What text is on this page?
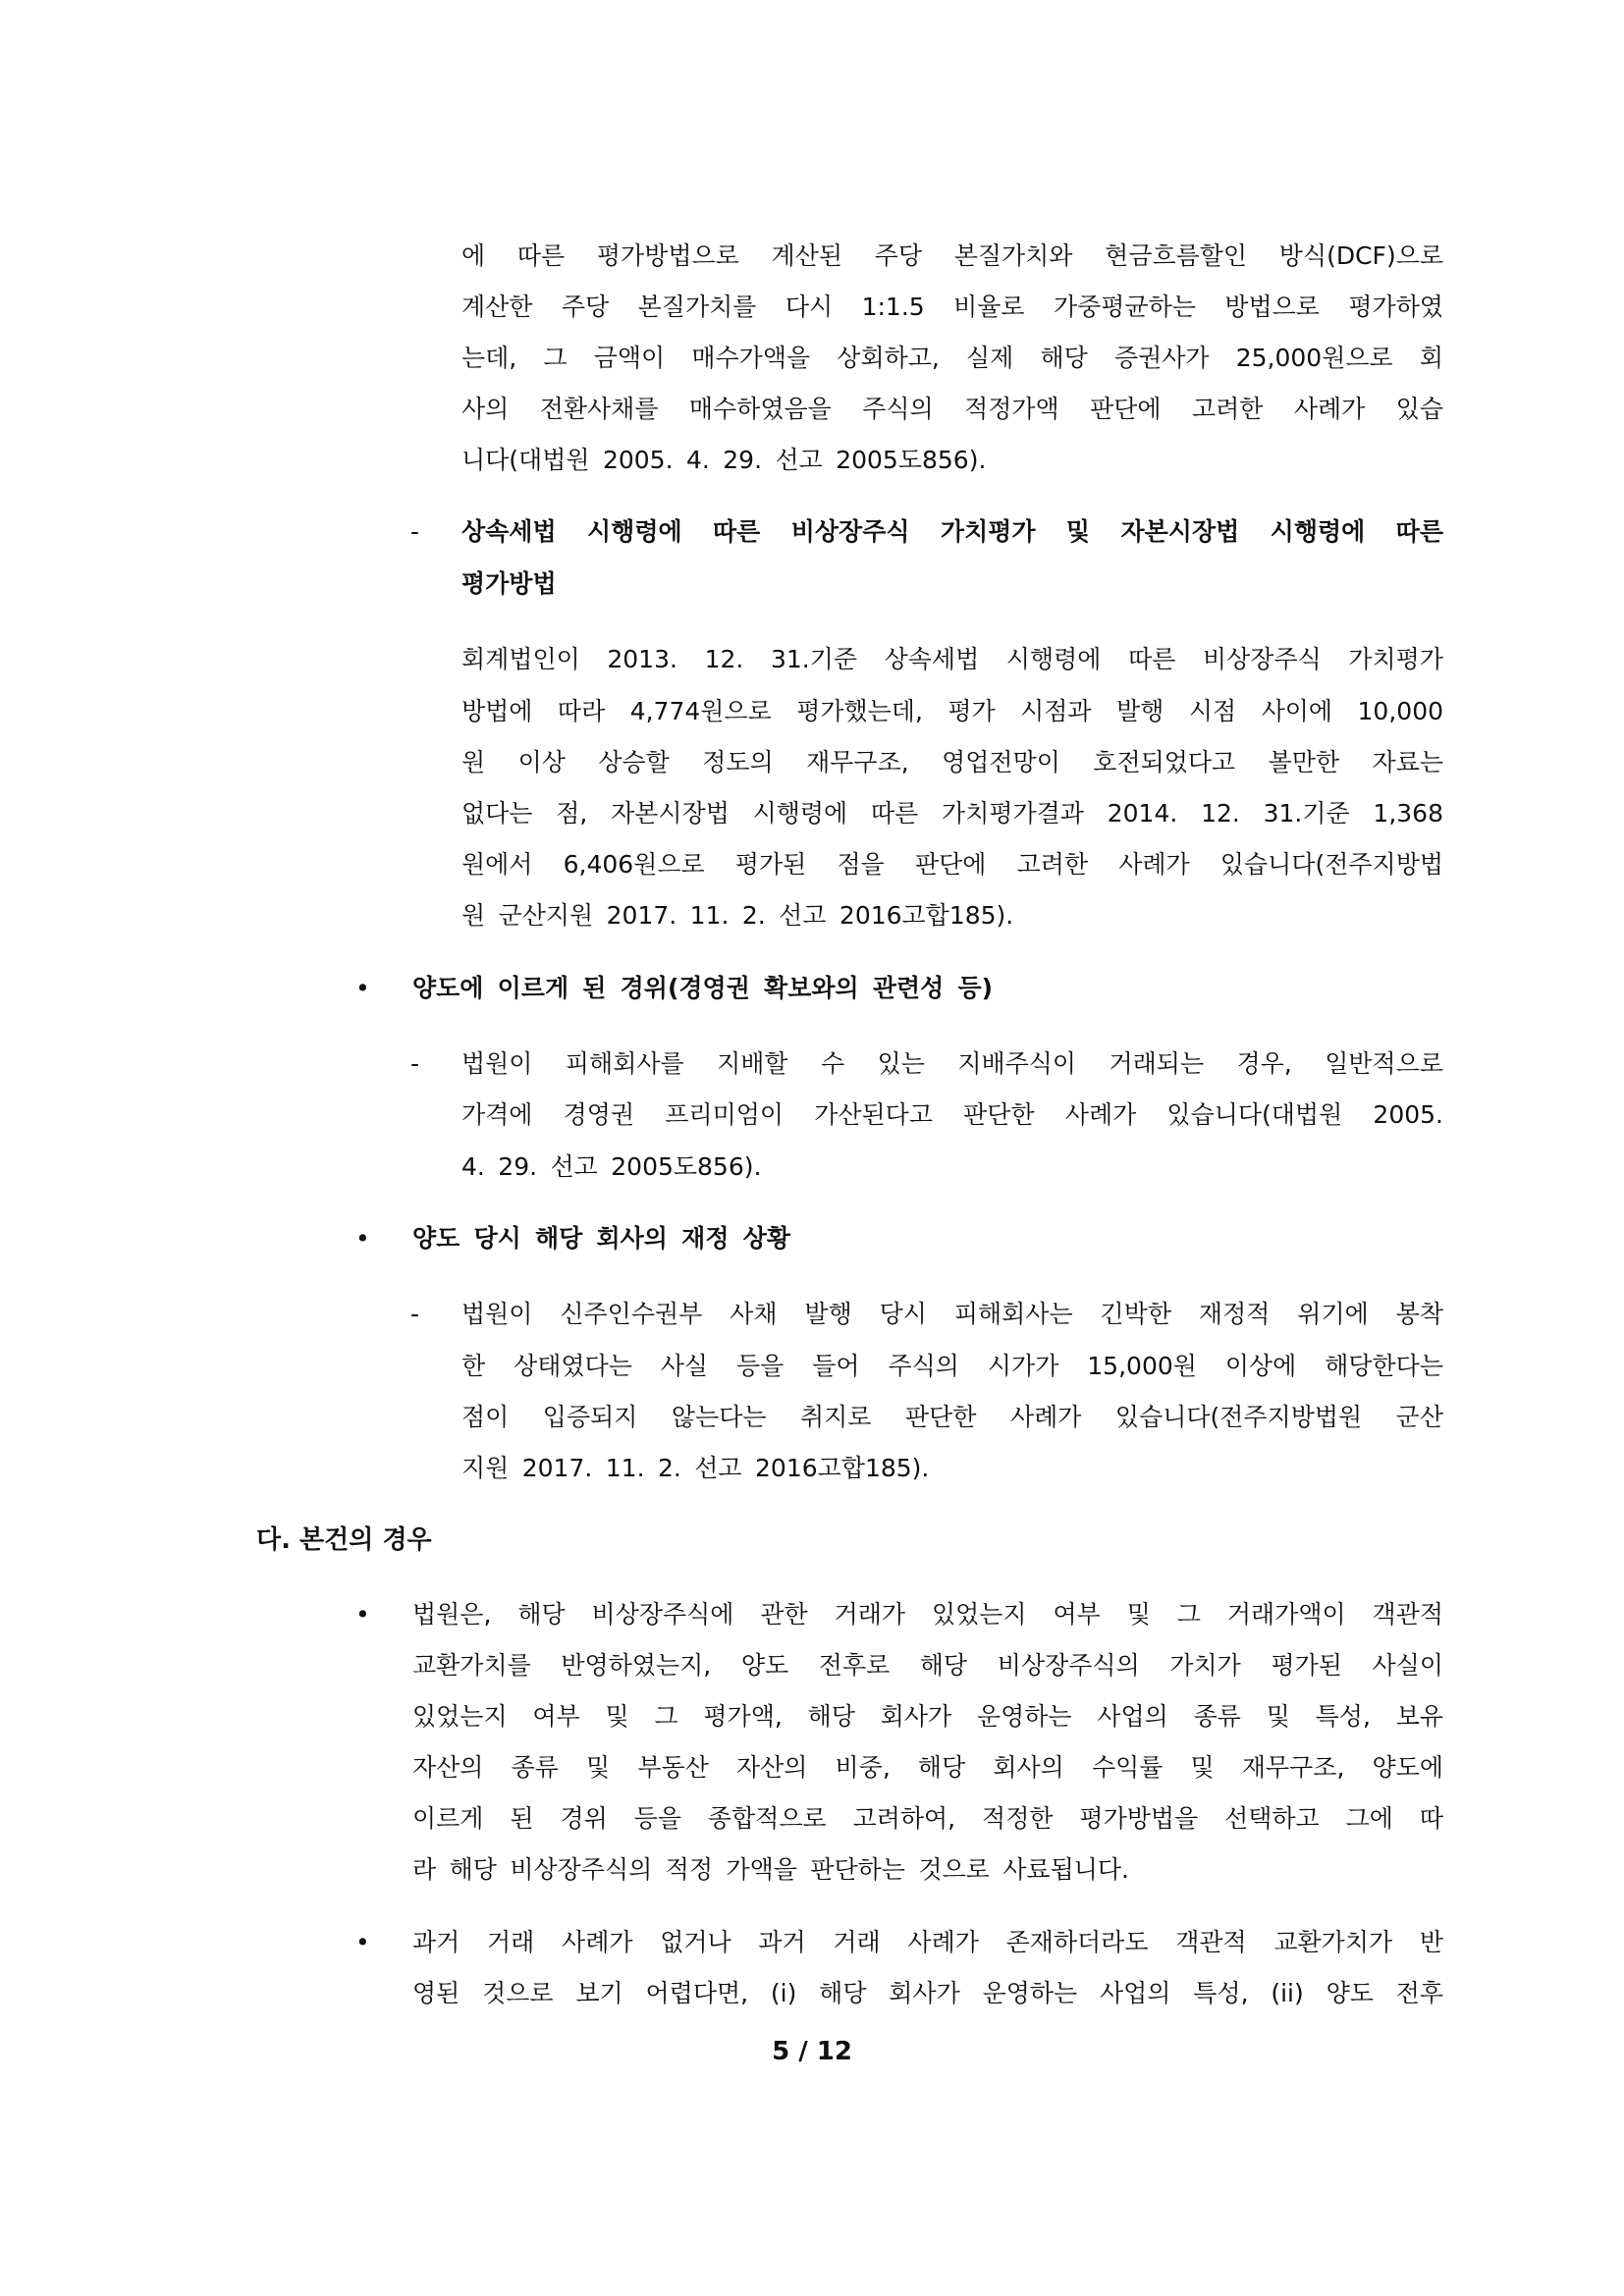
에 따른 평가방법으로 계산된 주당 본질가치와 현금흐름할인 방식(DCF)으로
계산한 주당 본질가치를 다시 1:1.5 비율로 가중평균하는 방법으로 평가하였
는데, 그 금액이 매수가액을 상회하고, 실제 해당 증권사가 25,000원으로 회
사의 전환사채를 매수하였음을 주식의 적정가액 판단에 고려한 사례가 있습
니다(대법원 2005. 4. 29. 선고 2005도856).
- 상속세법 시행령에 따른 비상장주식 가치평가 및 자본시장법 시행령에 따른
평가방법
회계법인이 2013. 12. 31.기준 상속세법 시행령에 따른 비상장주식 가치평가
방법에 따라 4,774원으로 평가했는데, 평가 시점과 발행 시점 사이에 10,000
원 이상 상승할 정도의 재무구조, 영업전망이 호전되었다고 볼만한 자료는
없다는 점, 자본시장법 시행령에 따른 가치평가결과 2014. 12. 31.기준 1,368
원에서 6,406원으로 평가된 점을 판단에 고려한 사례가 있습니다(전주지방법
원 군산지원 2017. 11. 2. 선고 2016고합185).
• 양도에 이르게 된 경위(경영권 확보와의 관련성 등)
- 법원이 피해회사를 지배할 수 있는 지배주식이 거래되는 경우, 일반적으로
가격에 경영권 프리미엄이 가산된다고 판단한 사례가 있습니다(대법원 2005.
4. 29. 선고 2005도856).
• 양도 당시 해당 회사의 재정 상황
- 법원이 신주인수권부 사채 발행 당시 피해회사는 긴박한 재정적 위기에 봉착
한 상태였다는 사실 등을 들어 주식의 시가가 15,000원 이상에 해당한다는
점이 입증되지 않는다는 취지로 판단한 사례가 있습니다(전주지방법원 군산
지원 2017. 11. 2. 선고 2016고합185).
다. 본건의 경우
• 법원은, 해당 비상장주식에 관한 거래가 있었는지 여부 및 그 거래가액이 객관적
교환가치를 반영하였는지, 양도 전후로 해당 비상장주식의 가치가 평가된 사실이
있었는지 여부 및 그 평가액, 해당 회사가 운영하는 사업의 종류 및 특성, 보유
자산의 종류 및 부동산 자산의 비중, 해당 회사의 수익률 및 재무구조, 양도에
이르게 된 경위 등을 종합적으로 고려하여, 적정한 평가방법을 선택하고 그에 따
라 해당 비상장주식의 적정 가액을 판단하는 것으로 사료됩니다.
• 과거 거래 사례가 없거나 과거 거래 사례가 존재하더라도 객관적 교환가치가 반
영된 것으로 보기 어렵다면, (i) 해당 회사가 운영하는 사업의 특성, (ii) 양도 전후
5 / 12
